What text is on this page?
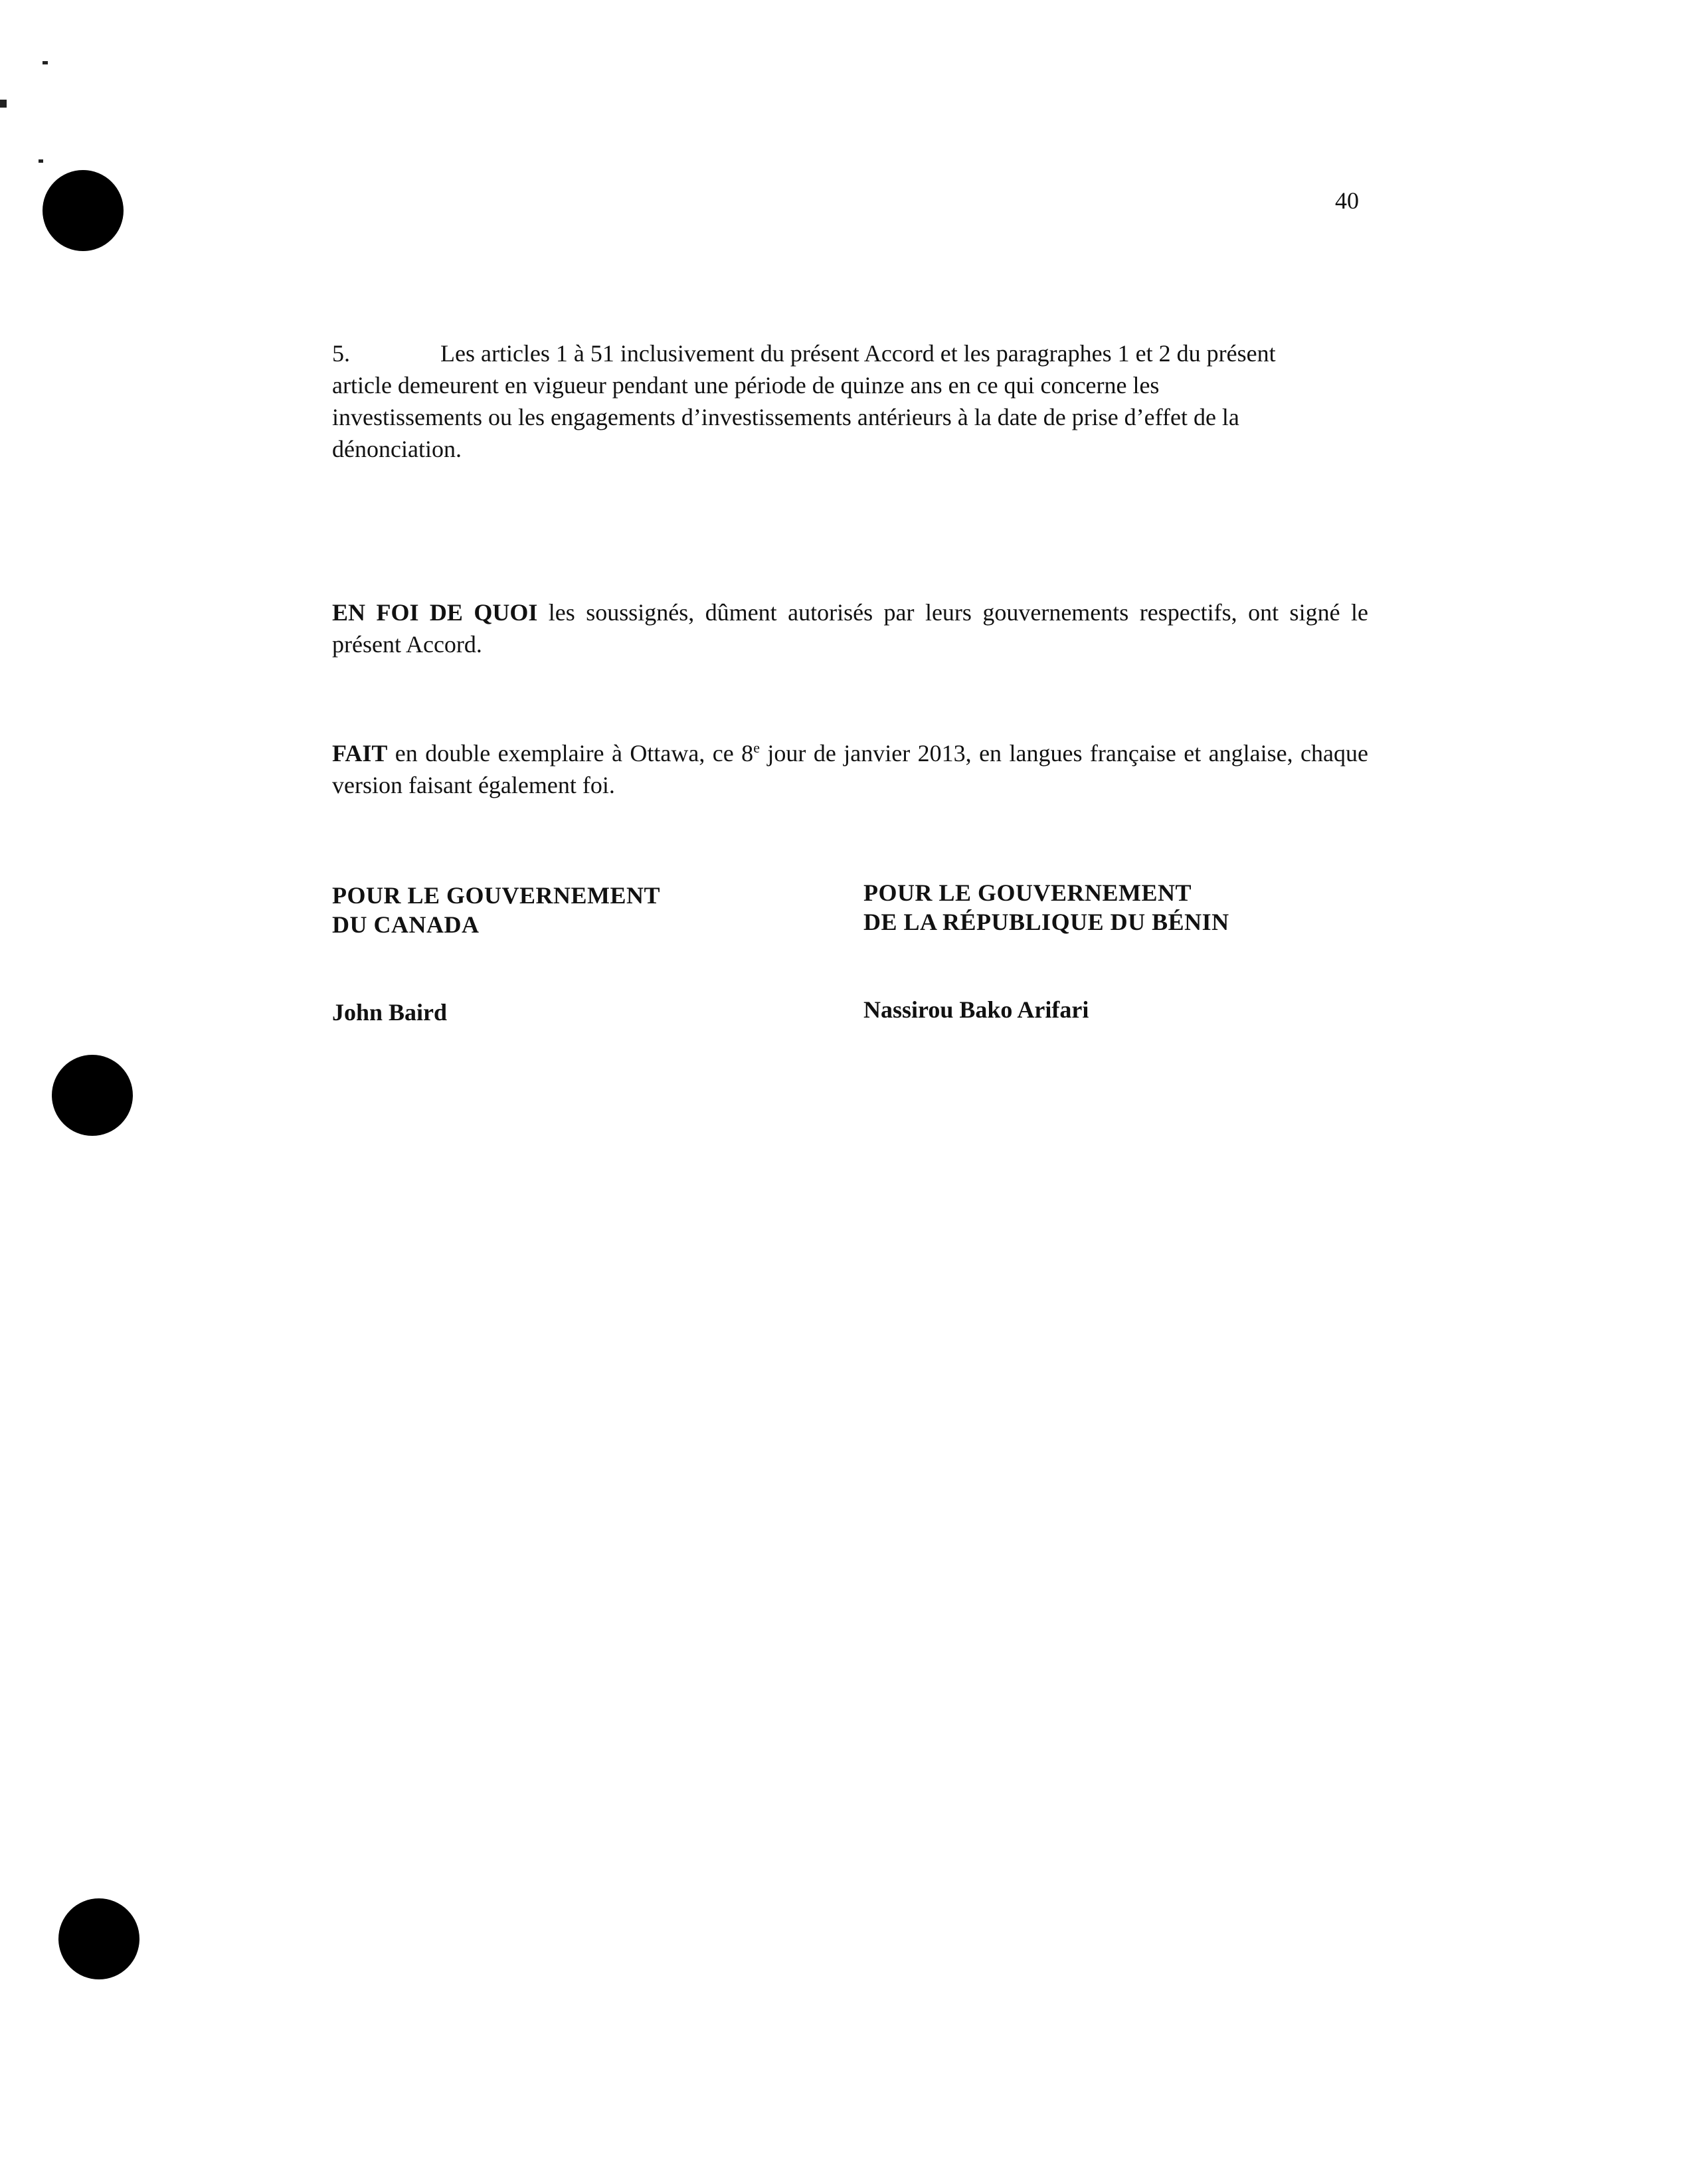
40
5.	Les articles 1 à 51 inclusivement du présent Accord et les paragraphes 1 et 2 du présent
article demeurent en vigueur pendant une période de quinze ans en ce qui concerne les
investissements ou les engagements d’investissements antérieurs à la date de prise d’effet de la
dénonciation.
EN FOI DE QUOI les soussignés, dûment autorisés par leurs gouvernements respectifs, ont signé le présent Accord.
FAIT en double exemplaire à Ottawa, ce 8e jour de janvier 2013, en langues française et anglaise, chaque version faisant également foi.
POUR LE GOUVERNEMENT
DU CANADA
POUR LE GOUVERNEMENT
DE LA RÉPUBLIQUE DU BÉNIN
John Baird	Nassirou Bako Arifari
